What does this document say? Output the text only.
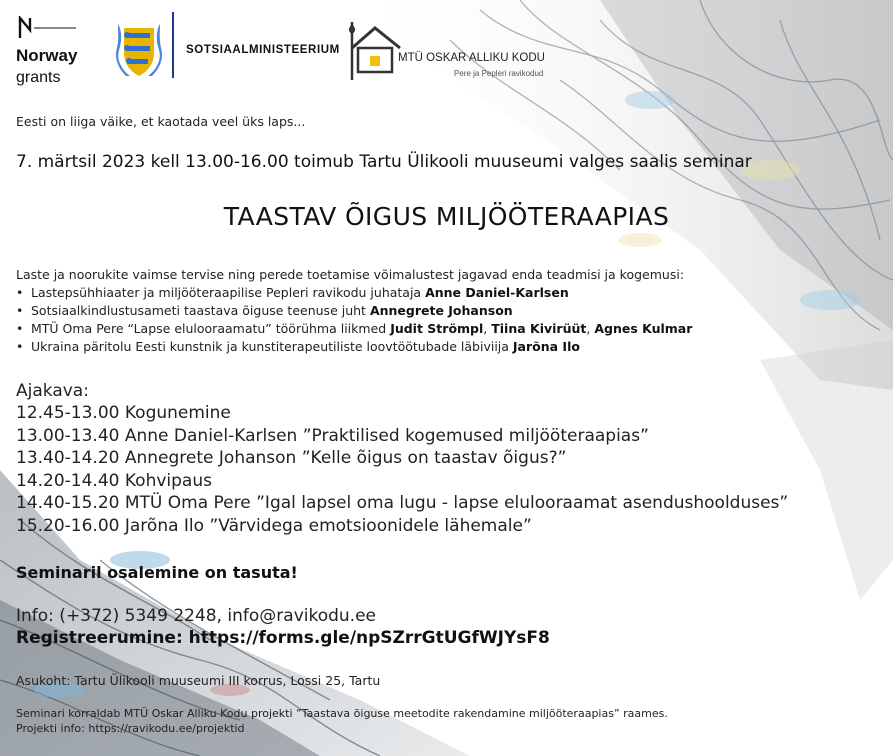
Norway
grants
SOTSIAALMINISTEERIUM
MTÜ OSKAR ALLIKU KODU
Pere ja Pepleri ravikodud
Eesti on liiga väike, et kaotada veel üks laps...
7. märtsil 2023 kell 13.00-16.00 toimub Tartu Ülikooli muuseumi valges saalis seminar
TAASTAV ÕIGUS MILJÖÖTERAAPIAS
Laste ja noorukite vaimse tervise ning perede toetamise võimalustest jagavad enda teadmisi ja kogemusi:
• Lastepsühhiaater ja miljööteraapilise Pepleri ravikodu juhataja Anne Daniel-Karlsen
• Sotsiaalkindlustusameti taastava õiguse teenuse juht Annegrete Johanson
• MTÜ Oma Pere “Lapse elulooraamatu” töörühma liikmed Judit Strömpl, Tiina Kivirüüt, Agnes Kulmar
• Ukraina päritolu Eesti kunstnik ja kunstiterapeutiliste loovtöötubade läbiviija Jarõna Ilo
Ajakava:
12.45-13.00 Kogunemine
13.00-13.40 Anne Daniel-Karlsen ”Praktilised kogemused miljööteraapias”
13.40-14.20 Annegrete Johanson ”Kelle õigus on taastav õigus?”
14.20-14.40 Kohvipaus
14.40-15.20 MTÜ Oma Pere ”Igal lapsel oma lugu - lapse elulooraamat asendushoolduses”
15.20-16.00 Jarõna Ilo ”Värvidega emotsioonidele lähemale”
Seminaril osalemine on tasuta!
Info: (+372) 5349 2248, info@ravikodu.ee
Registreerumine: https://forms.gle/npSZrrGtUGfWJYsF8
Asukoht: Tartu Ülikooli muuseumi III korrus, Lossi 25, Tartu
Seminari korraldab MTÜ Oskar Alliku Kodu projekti ”Taastava õiguse meetodite rakendamine miljööteraapias” raames.
Projekti info: https://ravikodu.ee/projektid
